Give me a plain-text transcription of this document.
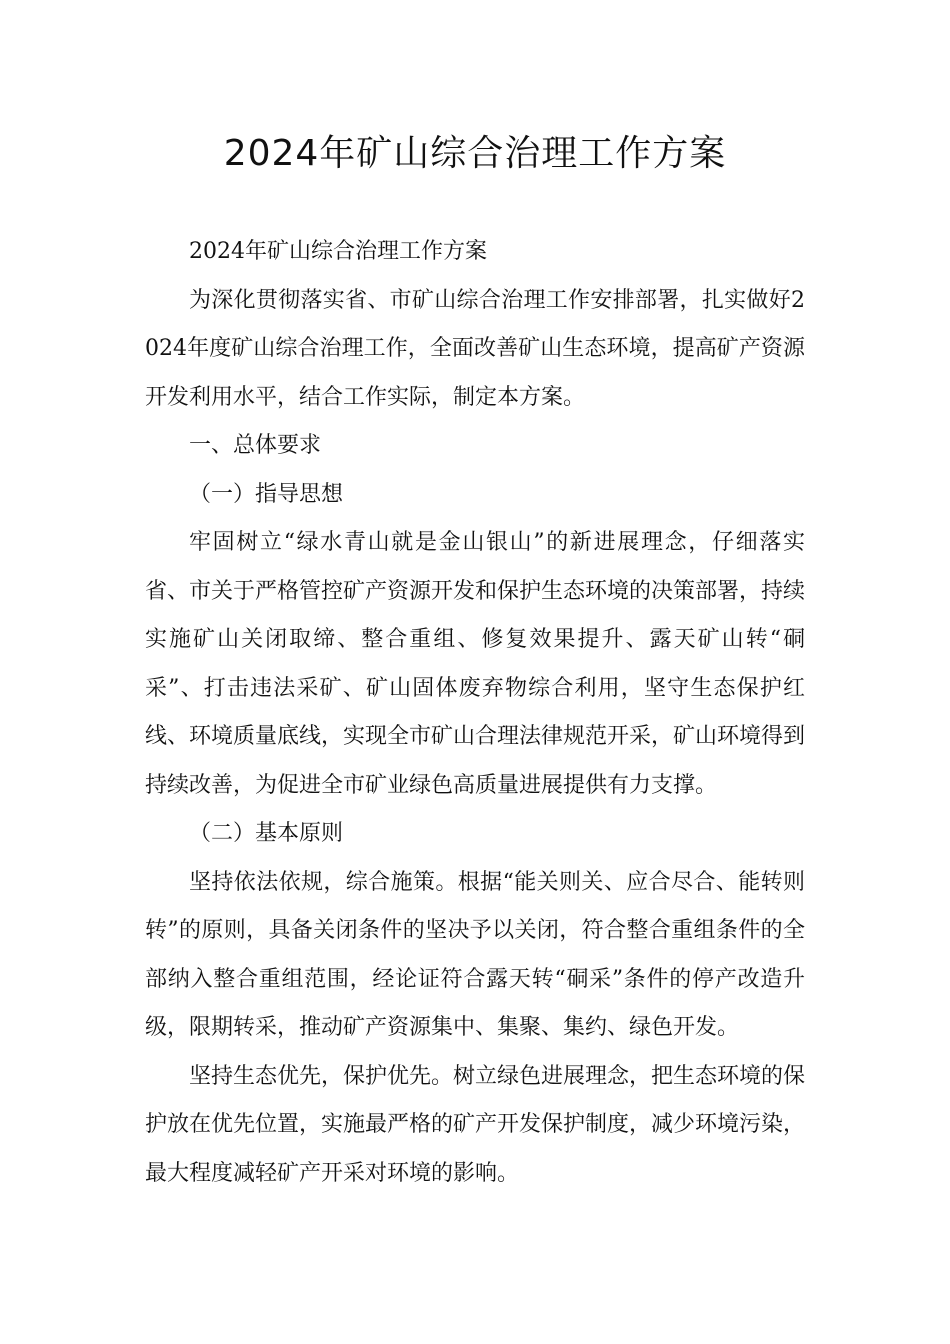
2024年矿山综合治理工作方案

2024年矿山综合治理工作方案

为深化贯彻落实省、市矿山综合治理工作安排部署，扎实做好2024年度矿山综合治理工作，全面改善矿山生态环境，提高矿产资源开发利用水平，结合工作实际，制定本方案。

一、总体要求

（一）指导思想

牢固树立“绿水青山就是金山银山”的新进展理念，仔细落实省、市关于严格管控矿产资源开发和保护生态环境的决策部署，持续实施矿山关闭取缔、整合重组、修复效果提升、露天矿山转“硐采”、打击违法采矿、矿山固体废弃物综合利用，坚守生态保护红线、环境质量底线，实现全市矿山合理法律规范开采，矿山环境得到持续改善，为促进全市矿业绿色高质量进展提供有力支撑。

（二）基本原则

坚持依法依规，综合施策。根据“能关则关、应合尽合、能转则转”的原则，具备关闭条件的坚决予以关闭，符合整合重组条件的全部纳入整合重组范围，经论证符合露天转“硐采”条件的停产改造升级，限期转采，推动矿产资源集中、集聚、集约、绿色开发。

坚持生态优先，保护优先。树立绿色进展理念，把生态环境的保护放在优先位置，实施最严格的矿产开发保护制度，减少环境污染，最大程度减轻矿产开采对环境的影响。
